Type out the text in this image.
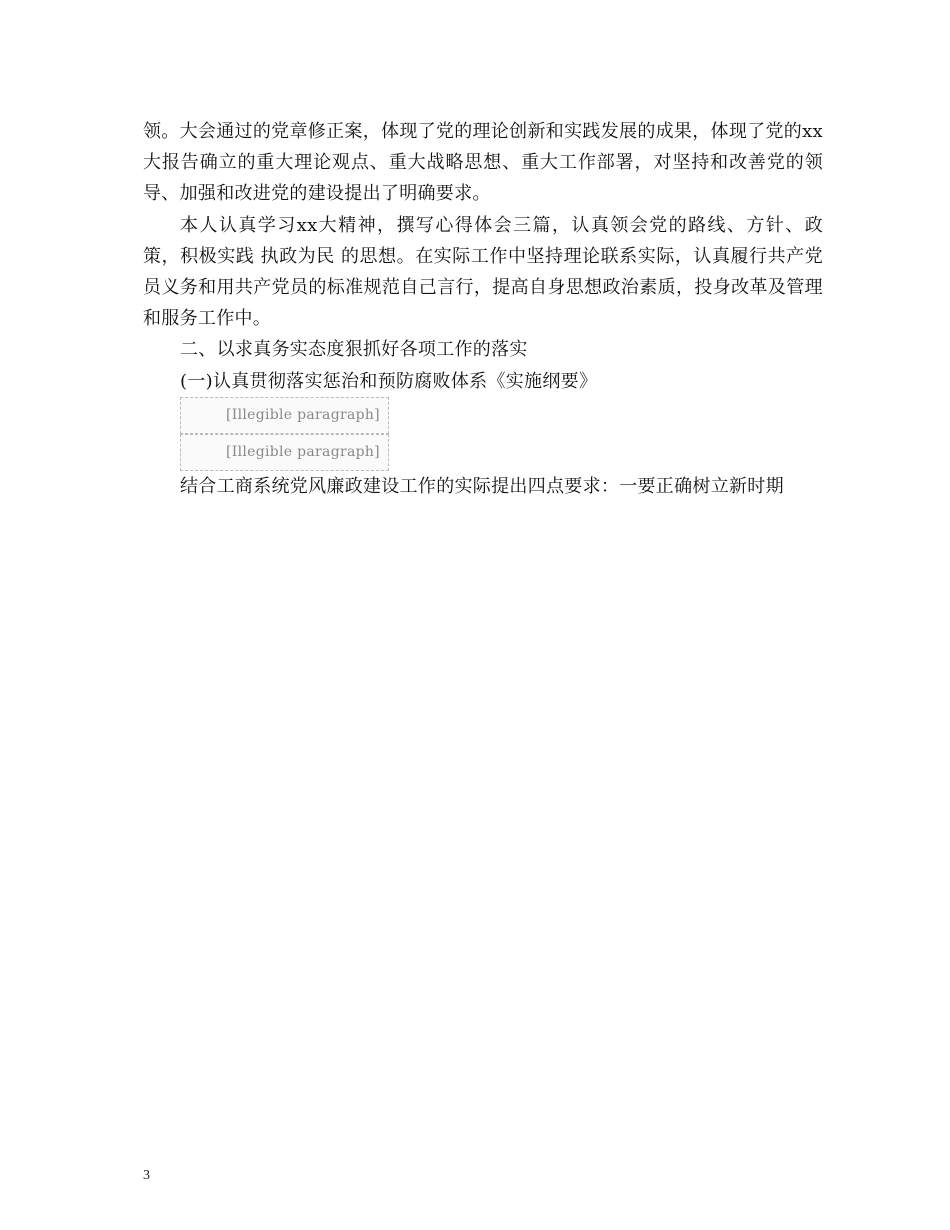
领。大会通过的党章修正案，体现了党的理论创新和实践发展的成果，体现了党的xx大报告确立的重大理论观点、重大战略思想、重大工作部署，对坚持和改善党的领导、加强和改进党的建设提出了明确要求。

本人认真学习xx大精神，撰写心得体会三篇，认真领会党的路线、方针、政策，积极实践 执政为民 的思想。在实际工作中坚持理论联系实际，认真履行共产党员义务和用共产党员的标准规范自己言行，提高自身思想政治素质，投身改革及管理和服务工作中。

二、以求真务实态度狠抓好各项工作的落实

(一)认真贯彻落实惩治和预防腐败体系《实施纲要》

[Illegible paragraph]

[Illegible paragraph]

结合工商系统党风廉政建设工作的实际提出四点要求：一要正确树立新时期

3
